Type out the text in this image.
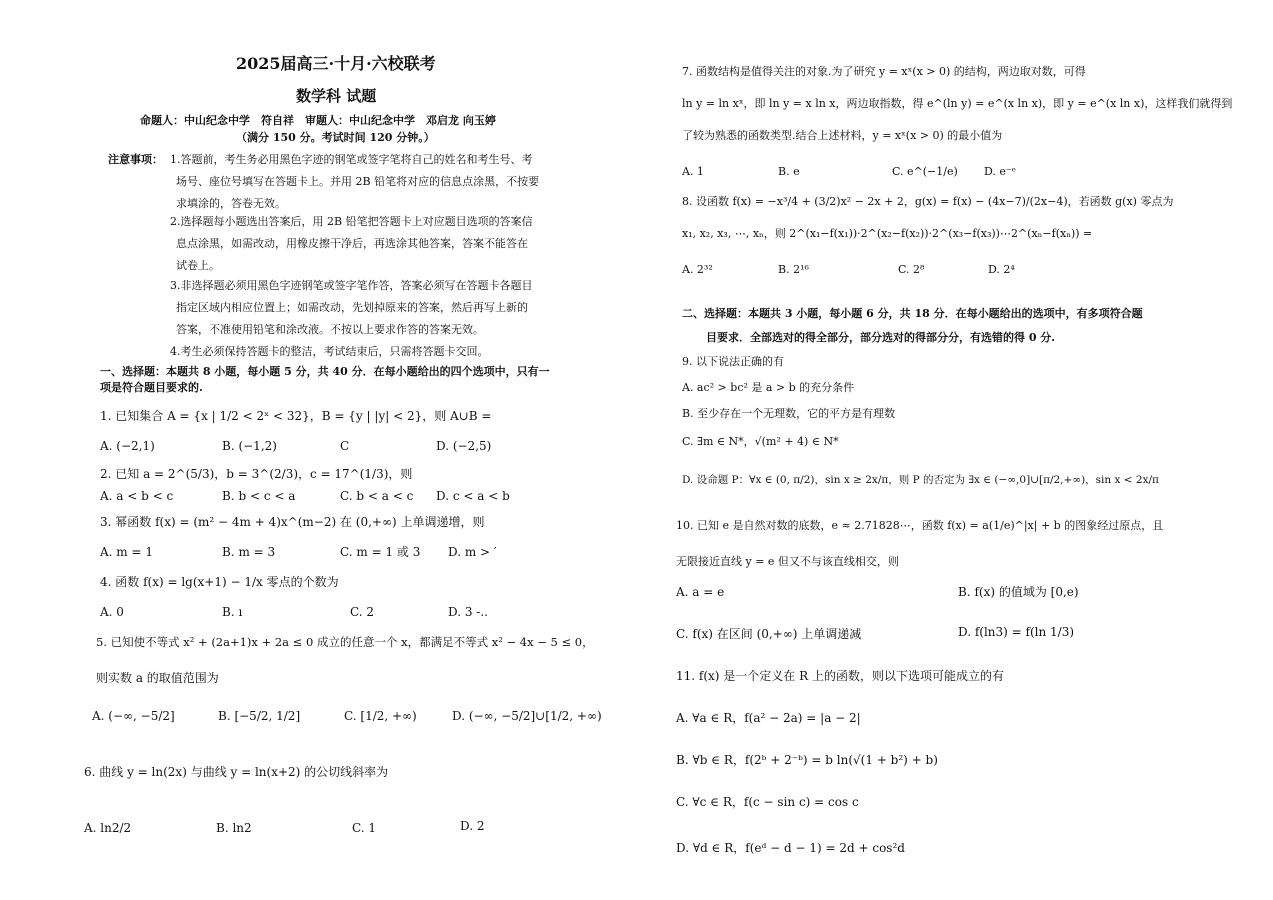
2025届高三·十月·六校联考
数学科 试题
命题人：中山纪念中学　符自祥　审题人：中山纪念中学　邓启龙 向玉婷
（满分 150 分。考试时间 120 分钟。）
注意事项： 1.答题前，考生务必用黑色字迹的钢笔或签字笔将自己的姓名和考生号、考
场号、座位号填写在答题卡上。并用 2B 铅笔将对应的信息点涂黑，不按要
求填涂的，答卷无效。
2.选择题每小题选出答案后，用 2B 铅笔把答题卡上对应题目选项的答案信
息点涂黑，如需改动，用橡皮擦干净后，再选涂其他答案，答案不能答在
试卷上。
3.非选择题必须用黑色字迹钢笔或签字笔作答，答案必须写在答题卡各题目
指定区域内相应位置上；如需改动，先划掉原来的答案，然后再写上新的
答案，不准使用铅笔和涂改液。不按以上要求作答的答案无效。
4.考生必须保持答题卡的整洁，考试结束后，只需将答题卡交回。
一、选择题：本题共 8 小题，每小题 5 分，共 40 分．在每小题给出的四个选项中，只有一
项是符合题目要求的.
1. 已知集合 A = {x | 1/2 < 2ˣ < 32}，B = {y | |y| < 2}，则 A∪B =
A. (−2,1)	B. (−1,2)	C	D. (−2,5)
2. 已知 a = 2^(5/3)，b = 3^(2/3)，c = 17^(1/3)，则
A. a < b < c	B. b < c < a	C. b < a < c D. c < a < b
3. 幂函数 f(x) = (m² − 4m + 4)x^(m−2) 在 (0,+∞) 上单调递增，则
A. m = 1	B. m = 3	C. m = 1 或 3 D. m > ′
4. 函数 f(x) = lg(x+1) − 1/x 零点的个数为
A. 0	B. ı	C. 2	D. 3 -..
5. 已知使不等式 x² + (2a+1)x + 2a ≤ 0 成立的任意一个 x，都满足不等式 x² − 4x − 5 ≤ 0，
则实数 a 的取值范围为
A. (−∞, −5/2]	B. [−5/2, 1/2]	C. [1/2, +∞)	D. (−∞, −5/2]∪[1/2, +∞)
6. 曲线 y = ln(2x) 与曲线 y = ln(x+2) 的公切线斜率为
A. ln2/2	B. ln2	C. 1	D. 2
7. 函数结构是值得关注的对象.为了研究 y = xˣ(x > 0) 的结构，两边取对数，可得
ln y = ln xˣ，即 ln y = x ln x，两边取指数，得 e^(ln y) = e^(x ln x)，即 y = e^(x ln x)，这样我们就得到
了较为熟悉的函数类型.结合上述材料，y = xˣ(x > 0) 的最小值为
A. 1	B. e	C. e^(−1/e) D. e⁻ᵉ
8. 设函数 f(x) = −x³/4 + (3/2)x² − 2x + 2，g(x) = f(x) − (4x−7)/(2x−4)，若函数 g(x) 零点为
x₁, x₂, x₃, ⋯, xₙ，则 2^(x₁−f(x₁))·2^(x₂−f(x₂))·2^(x₃−f(x₃))⋯2^(xₙ−f(xₙ)) =
A. 2³²	B. 2¹⁶	C. 2⁸	D. 2⁴
二、选择题：本题共 3 小题，每小题 6 分，共 18 分．在每小题给出的选项中，有多项符合题
目要求．全部选对的得全部分，部分选对的得部分分，有选错的得 0 分.
9. 以下说法正确的有
A. ac² > bc² 是 a > b 的充分条件
B. 至少存在一个无理数，它的平方是有理数
C. ∃m ∈ N*，√(m² + 4) ∈ N*
D. 设命题 P：∀x ∈ (0, π/2)，sin x ≥ 2x/π，则 P 的否定为 ∃x ∈ (−∞,0]∪[π/2,+∞)，sin x < 2x/π
10. 已知 e 是自然对数的底数，e ≈ 2.71828⋯，函数 f(x) = a(1/e)^|x| + b 的图象经过原点，且
无限接近直线 y = e 但又不与该直线相交，则
A. a = e	B. f(x) 的值域为 [0,e)
C. f(x) 在区间 (0,+∞) 上单调递减	D. f(ln3) = f(ln 1/3)
11. f(x) 是一个定义在 R 上的函数，则以下选项可能成立的有
A. ∀a ∈ R，f(a² − 2a) = |a − 2|
B. ∀b ∈ R，f(2ᵇ + 2⁻ᵇ) = b ln(√(1 + b²) + b)
C. ∀c ∈ R，f(c − sin c) = cos c
D. ∀d ∈ R，f(eᵈ − d − 1) = 2d + cos²d
